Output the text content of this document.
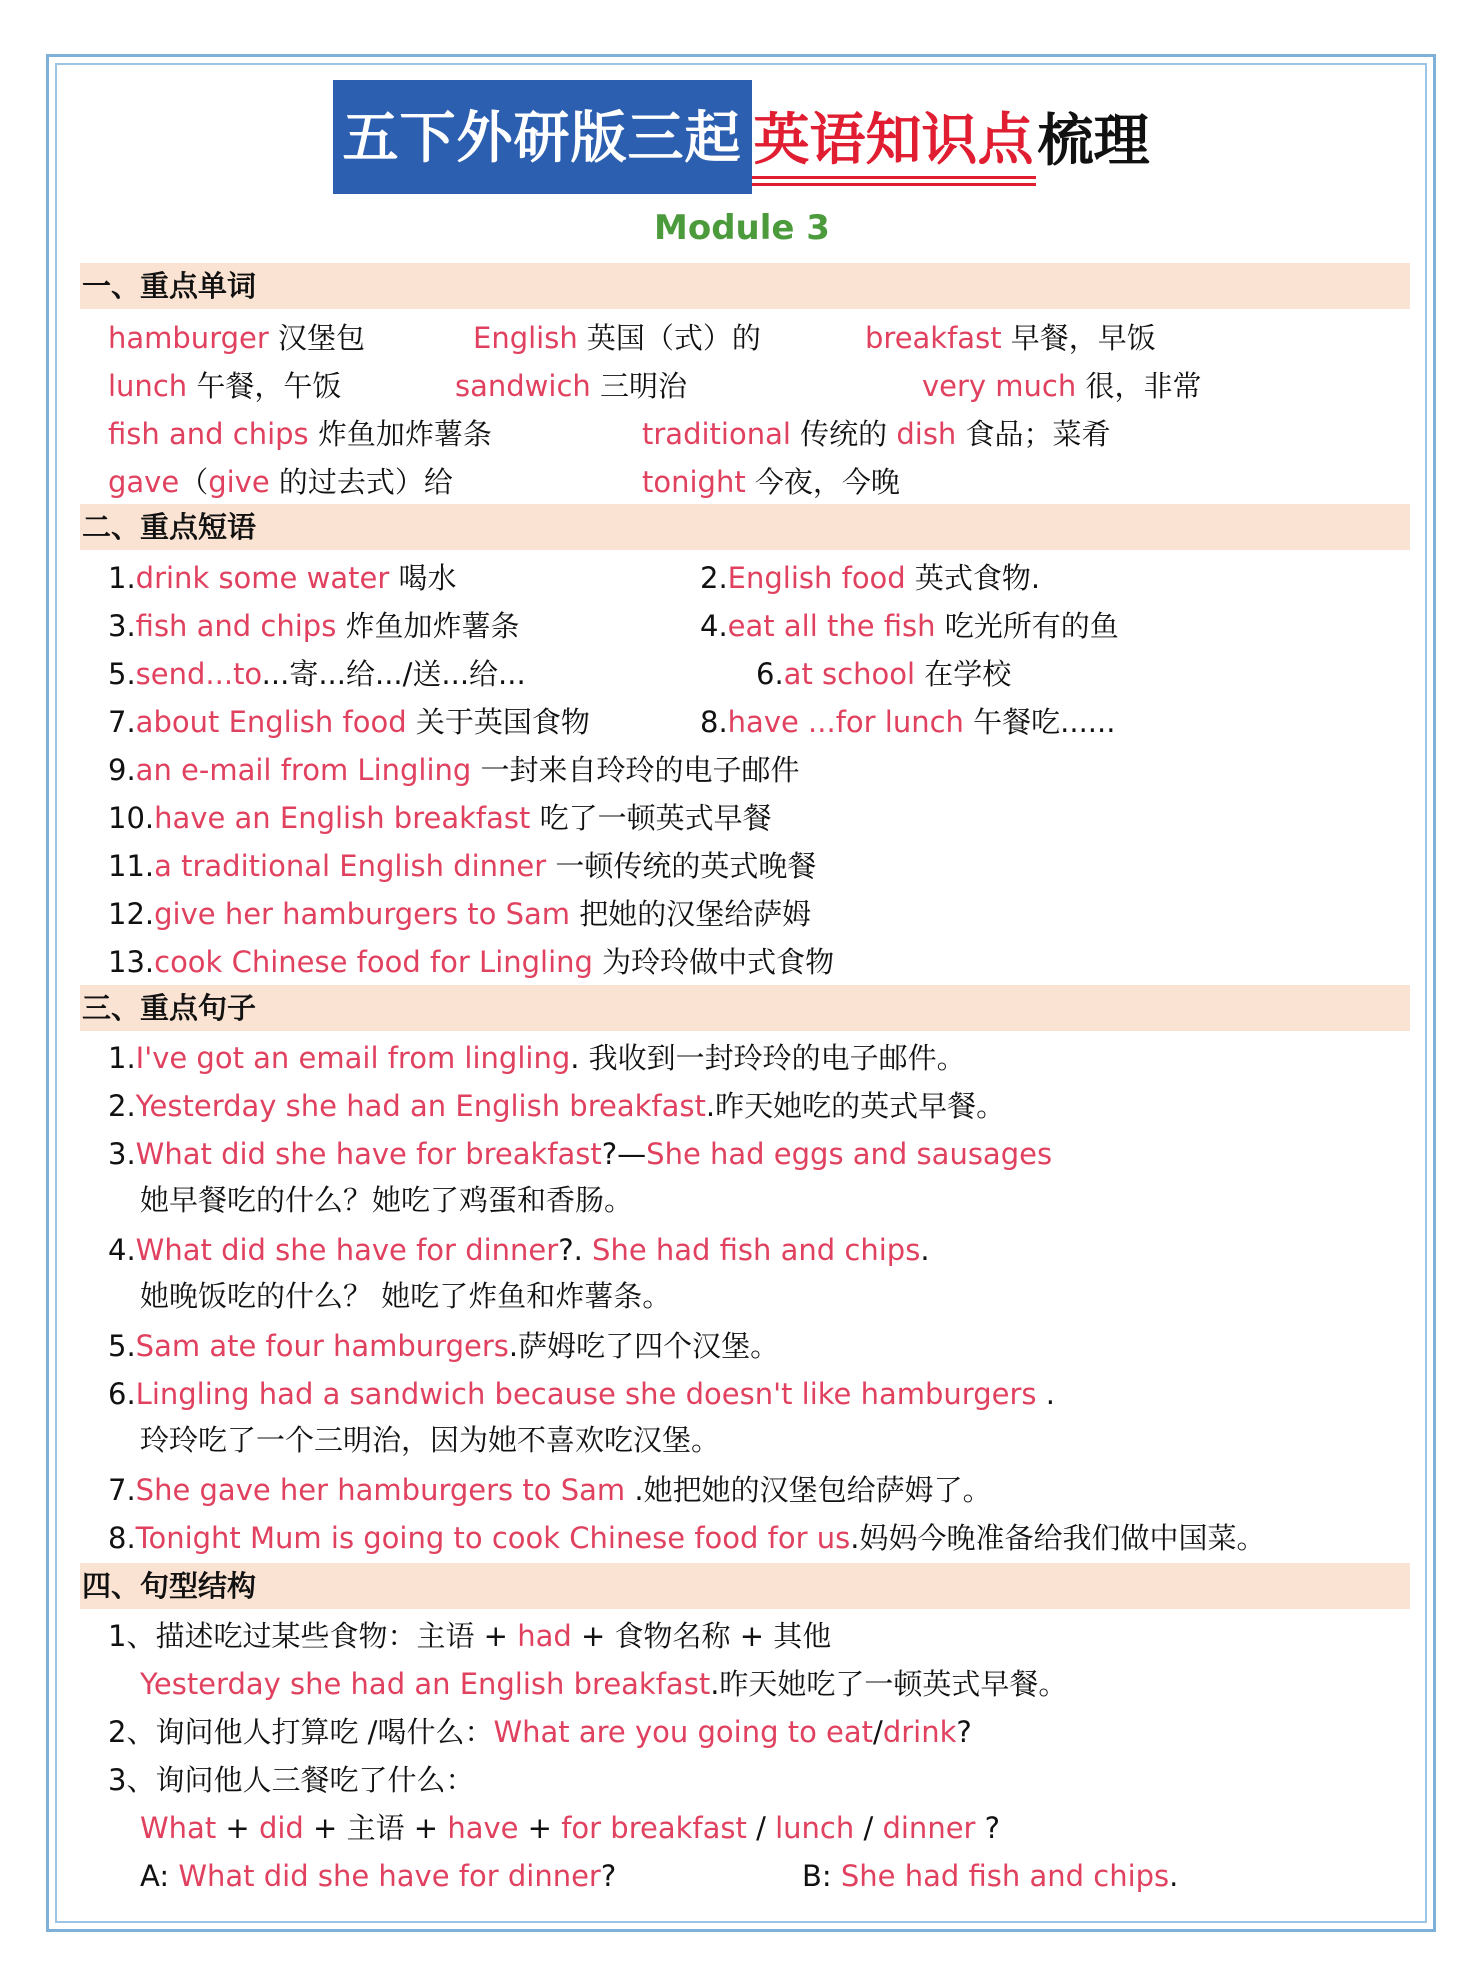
五下外研版三起 英语知识点 梳理
Module 3
一、重点单词
hamburger 汉堡包	English 英国（式）的	breakfast 早餐，早饭
lunch 午餐，午饭	sandwich 三明治	very much 很，非常
fish and chips 炸鱼加炸薯条	traditional 传统的 dish 食品；菜肴
gave（give 的过去式）给	tonight 今夜，今晚
二、重点短语
1.drink some water 喝水	2.English food 英式食物.
3.fish and chips 炸鱼加炸薯条	4.eat all the fish 吃光所有的鱼
5.send...to...寄...给.../送...给...	6.at school 在学校
7.about English food 关于英国食物	8.have ...for lunch 午餐吃......
9.an e-mail from Lingling 一封来自玲玲的电子邮件
10.have an English breakfast 吃了一顿英式早餐
11.a traditional English dinner 一顿传统的英式晚餐
12.give her hamburgers to Sam 把她的汉堡给萨姆
13.cook Chinese food for Lingling 为玲玲做中式食物
三、重点句子
1.I've got an email from lingling. 我收到一封玲玲的电子邮件。
2.Yesterday she had an English breakfast.昨天她吃的英式早餐。
3.What did she have for breakfast?—She had eggs and sausages
她早餐吃的什么？她吃了鸡蛋和香肠。
4.What did she have for dinner?. She had fish and chips.
她晚饭吃的什么？ 她吃了炸鱼和炸薯条。
5.Sam ate four hamburgers.萨姆吃了四个汉堡。
6.Lingling had a sandwich because she doesn't like hamburgers .
玲玲吃了一个三明治，因为她不喜欢吃汉堡。
7.She gave her hamburgers to Sam .她把她的汉堡包给萨姆了。
8.Tonight Mum is going to cook Chinese food for us.妈妈今晚准备给我们做中国菜。
四、句型结构
1、描述吃过某些食物：主语 + had + 食物名称 + 其他
Yesterday she had an English breakfast.昨天她吃了一顿英式早餐。
2、询问他人打算吃 /喝什么：What are you going to eat/drink?
3、询问他人三餐吃了什么：
What + did + 主语 + have + for breakfast / lunch / dinner ?
A: What did she have for dinner?	B: She had fish and chips.
